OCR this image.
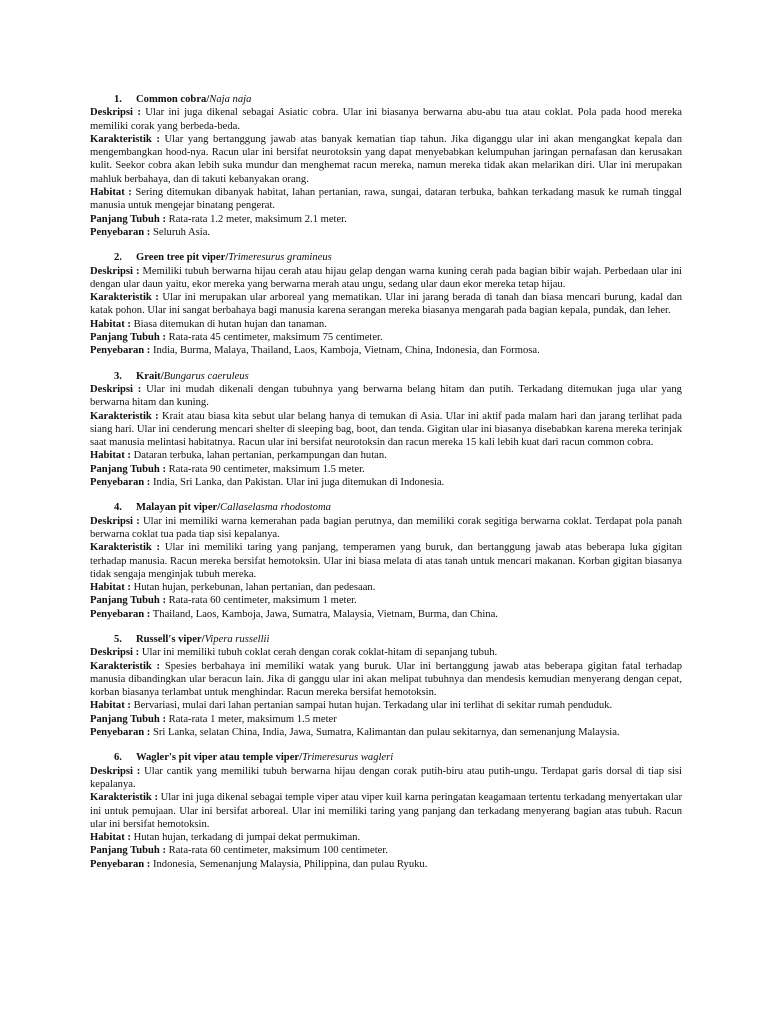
1. Common cobra/Naja naja
Deskripsi : Ular ini juga dikenal sebagai Asiatic cobra. Ular ini biasanya berwarna abu-abu tua atau coklat. Pola pada hood mereka memiliki corak yang berbeda-beda.
Karakteristik : Ular yang bertanggung jawab atas banyak kematian tiap tahun. Jika diganggu ular ini akan mengangkat kepala dan mengembangkan hood-nya. Racun ular ini bersifat neurotoksin yang dapat menyebabkan kelumpuhan jaringan pernafasan dan kerusakan kulit. Seekor cobra akan lebih suka mundur dan menghemat racun mereka, namun mereka tidak akan melarikan diri. Ular ini merupakan mahluk berbahaya, dan di takuti kebanyakan orang.
Habitat : Sering ditemukan dibanyak habitat, lahan pertanian, rawa, sungai, dataran terbuka, bahkan terkadang masuk ke rumah tinggal manusia untuk mengejar binatang pengerat.
Panjang Tubuh : Rata-rata 1.2 meter, maksimum 2.1 meter.
Penyebaran : Seluruh Asia.
2. Green tree pit viper/Trimeresurus gramineus
Deskripsi : Memiliki tubuh berwarna hijau cerah atau hijau gelap dengan warna kuning cerah pada bagian bibir wajah. Perbedaan ular ini dengan ular daun yaitu, ekor mereka yang berwarna merah atau ungu, sedang ular daun ekor mereka tetap hijau.
Karakteristik : Ular ini merupakan ular arboreal yang mematikan. Ular ini jarang berada di tanah dan biasa mencari burung, kadal dan katak pohon. Ular ini sangat berbahaya bagi manusia karena serangan mereka biasanya mengarah pada bagian kepala, pundak, dan leher.
Habitat : Biasa ditemukan di hutan hujan dan tanaman.
Panjang Tubuh : Rata-rata 45 centimeter, maksimum 75 centimeter.
Penyebaran : India, Burma, Malaya, Thailand, Laos, Kamboja, Vietnam, China, Indonesia, dan Formosa.
3. Krait/Bungarus caeruleus
Deskripsi : Ular ini mudah dikenali dengan tubuhnya yang berwarna belang hitam dan putih. Terkadang ditemukan juga ular yang berwarna hitam dan kuning.
Karakteristik : Krait atau biasa kita sebut ular belang hanya di temukan di Asia. Ular ini aktif pada malam hari dan jarang terlihat pada siang hari. Ular ini cenderung mencari shelter di sleeping bag, boot, dan tenda. Gigitan ular ini biasanya disebabkan karena mereka terinjak saat manusia melintasi habitatnya. Racun ular ini bersifat neurotoksin dan racun mereka 15 kali lebih kuat dari racun common cobra.
Habitat : Dataran terbuka, lahan pertanian, perkampungan dan hutan.
Panjang Tubuh : Rata-rata 90 centimeter, maksimum 1.5 meter.
Penyebaran : India, Sri Lanka, dan Pakistan. Ular ini juga ditemukan di Indonesia.
4. Malayan pit viper/Callaselasma rhodostoma
Deskripsi : Ular ini memiliki warna kemerahan pada bagian perutnya, dan memiliki corak segitiga berwarna coklat. Terdapat pola panah berwarna coklat tua pada tiap sisi kepalanya.
Karakteristik : Ular ini memiliki taring yang panjang, temperamen yang buruk, dan bertanggung jawab atas beberapa luka gigitan terhadap manusia. Racun mereka bersifat hemotoksin. Ular ini biasa melata di atas tanah untuk mencari makanan. Korban gigitan biasanya tidak sengaja menginjak tubuh mereka.
Habitat : Hutan hujan, perkebunan, lahan pertanian, dan pedesaan.
Panjang Tubuh : Rata-rata 60 centimeter, maksimum 1 meter.
Penyebaran : Thailand, Laos, Kamboja, Jawa, Sumatra, Malaysia, Vietnam, Burma, dan China.
5. Russell's viper/Vipera russellii
Deskripsi : Ular ini memiliki tubuh coklat cerah dengan corak coklat-hitam di sepanjang tubuh.
Karakteristik : Spesies berbahaya ini memiliki watak yang buruk. Ular ini bertanggung jawab atas beberapa gigitan fatal terhadap manusia dibandingkan ular beracun lain. Jika di ganggu ular ini akan melipat tubuhnya dan mendesis kemudian menyerang dengan cepat, korban biasanya terlambat untuk menghindar. Racun mereka bersifat hemotoksin.
Habitat : Bervariasi, mulai dari lahan pertanian sampai hutan hujan. Terkadang ular ini terlihat di sekitar rumah penduduk.
Panjang Tubuh : Rata-rata 1 meter, maksimum 1.5 meter
Penyebaran : Sri Lanka, selatan China, India, Jawa, Sumatra, Kalimantan dan pulau sekitarnya, dan semenanjung Malaysia.
6. Wagler's pit viper atau temple viper/Trimeresurus wagleri
Deskripsi : Ular cantik yang memiliki tubuh berwarna hijau dengan corak putih-biru atau putih-ungu. Terdapat garis dorsal di tiap sisi kepalanya.
Karakteristik : Ular ini juga dikenal sebagai temple viper atau viper kuil karna peringatan keagamaan tertentu terkadang menyertakan ular ini untuk pemujaan. Ular ini bersifat arboreal. Ular ini memiliki taring yang panjang dan terkadang menyerang bagian atas tubuh. Racun ular ini bersifat hemotoksin.
Habitat : Hutan hujan, terkadang di jumpai dekat permukiman.
Panjang Tubuh : Rata-rata 60 centimeter, maksimum 100 centimeter.
Penyebaran : Indonesia, Semenanjung Malaysia, Philippina, dan pulau Ryuku.
